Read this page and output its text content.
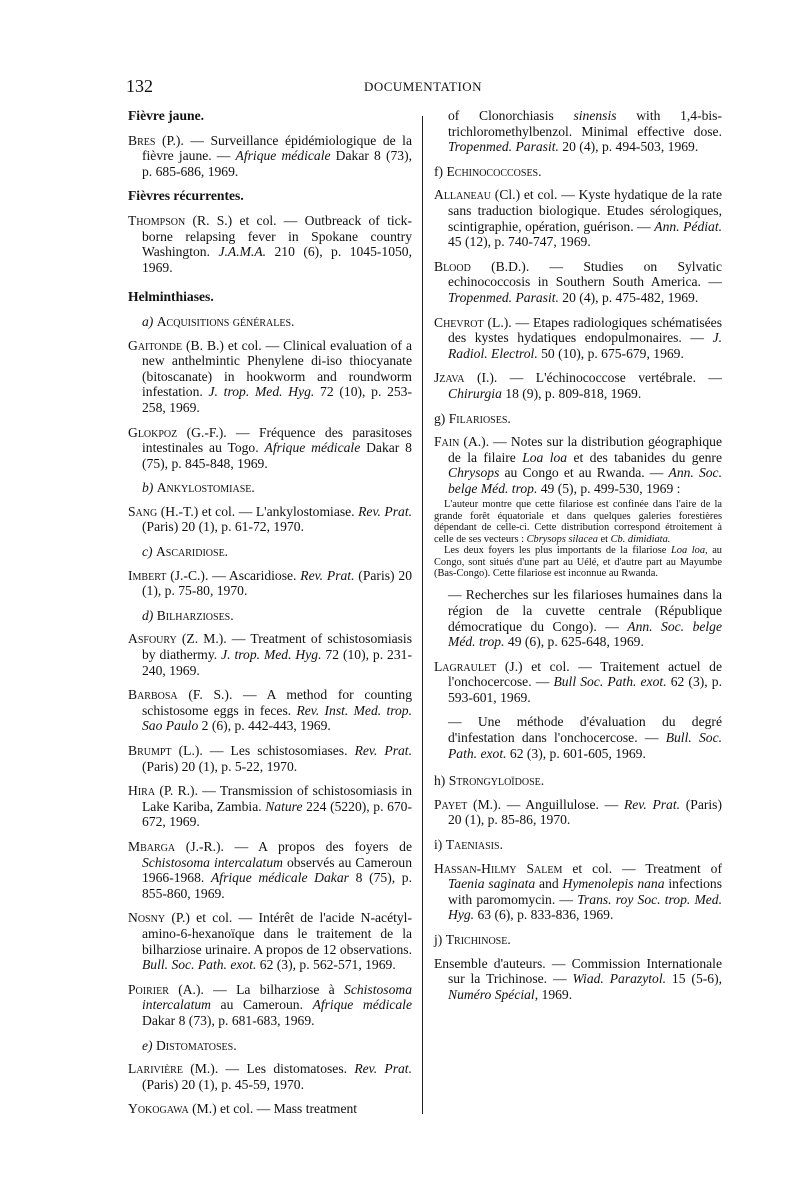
132	DOCUMENTATION
Fièvre jaune.
Bres (P.). — Surveillance épidémiologique de la fièvre jaune. — Afrique médicale Dakar 8 (73), p. 685-686, 1969.
Fièvres récurrentes.
Thompson (R. S.) et col. — Outbreack of tick-borne relapsing fever in Spokane country Washington. J.A.M.A. 210 (6), p. 1045-1050, 1969.
Helminthiases.
a) Acquisitions générales.
Gaitonde (B. B.) et col. — Clinical evaluation of a new anthelmintic Phenylene di-iso thiocyanate (bitoscanate) in hookworm and roundworm infestation. J. trop. Med. Hyg. 72 (10), p. 253-258, 1969.
Glokpoz (G.-F.). — Fréquence des parasitoses intestinales au Togo. Afrique médicale Dakar 8 (75), p. 845-848, 1969.
b) Ankylostomiase.
Sang (H.-T.) et col. — L'ankylostomiase. Rev. Prat. (Paris) 20 (1), p. 61-72, 1970.
c) Ascaridiose.
Imbert (J.-C.). — Ascaridiose. Rev. Prat. (Paris) 20 (1), p. 75-80, 1970.
d) Bilharzioses.
Asfoury (Z. M.). — Treatment of schistosomiasis by diathermy. J. trop. Med. Hyg. 72 (10), p. 231-240, 1969.
Barbosa (F. S.). — A method for counting schistosome eggs in feces. Rev. Inst. Med. trop. Sao Paulo 2 (6), p. 442-443, 1969.
Brumpt (L.). — Les schistosomiases. Rev. Prat. (Paris) 20 (1), p. 5-22, 1970.
Hira (P. R.). — Transmission of schistosomiasis in Lake Kariba, Zambia. Nature 224 (5220), p. 670-672, 1969.
Mbarga (J.-R.). — A propos des foyers de Schistosoma intercalatum observés au Cameroun 1966-1968. Afrique médicale Dakar 8 (75), p. 855-860, 1969.
Nosny (P.) et col. — Intérêt de l'acide N-acétyl-amino-6-hexanoïque dans le traitement de la bilharziose urinaire. A propos de 12 observations. Bull. Soc. Path. exot. 62 (3), p. 562-571, 1969.
Poirier (A.). — La bilharziose à Schistosoma intercalatum au Cameroun. Afrique médicale Dakar 8 (73), p. 681-683, 1969.
e) Distomatoses.
Larivière (M.). — Les distomatoses. Rev. Prat. (Paris) 20 (1), p. 45-59, 1970.
Yokogawa (M.) et col. — Mass treatment
of Clonorchiasis sinensis with 1,4-bis-trichloromethylbenzol. Minimal effective dose. Tropenmed. Parasit. 20 (4), p. 494-503, 1969.
f) Echinococcoses.
Allaneau (Cl.) et col. — Kyste hydatique de la rate sans traduction biologique. Etudes sérologiques, scintigraphie, opération, guérison. — Ann. Pédiat. 45 (12), p. 740-747, 1969.
Blood (B.D.). — Studies on Sylvatic echinococcosis in Southern South America. — Tropenmed. Parasit. 20 (4), p. 475-482, 1969.
Chevrot (L.). — Etapes radiologiques schématisées des kystes hydatiques endopulmonaires. — J. Radiol. Electrol. 50 (10), p. 675-679, 1969.
Jzava (I.). — L'échinococcose vertébrale. — Chirurgia 18 (9), p. 809-818, 1969.
g) Filarioses.
Fain (A.). — Notes sur la distribution géographique de la filaire Loa loa et des tabanides du genre Chrysops au Congo et au Rwanda. — Ann. Soc. belge Méd. trop. 49 (5), p. 499-530, 1969 :

L'auteur montre que cette filariose est confinée dans l'aire de la grande forêt équatoriale et dans quelques galeries forestières dépendant de celle-ci. Cette distribution correspond étroitement à celle de ses vecteurs : Cbrysops silacea et Cb. dimidiata.

Les deux foyers les plus importants de la filariose Loa loa, au Congo, sont situés d'une part au Uélé, et d'autre part au Mayumbe (Bas-Congo). Cette filariose est inconnue au Rwanda.

— Recherches sur les filarioses humaines dans la région de la cuvette centrale (République démocratique du Congo). — Ann. Soc. belge Méd. trop. 49 (6), p. 625-648, 1969.
Lagraulet (J.) et col. — Traitement actuel de l'onchocercose. — Bull Soc. Path. exot. 62 (3), p. 593-601, 1969.
— Une méthode d'évaluation du degré d'infestation dans l'onchocercose. — Bull. Soc. Path. exot. 62 (3), p. 601-605, 1969.
h) Strongyloïdose.
Payet (M.). — Anguillulose. — Rev. Prat. (Paris) 20 (1), p. 85-86, 1970.
i) Taeniasis.
Hassan-Hilmy Salem et col. — Treatment of Taenia saginata and Hymenolepis nana infections with paromomycin. — Trans. roy Soc. trop. Med. Hyg. 63 (6), p. 833-836, 1969.
j) Trichinose.
Ensemble d'auteurs. — Commission Internationale sur la Trichinose. — Wiad. Parazytol. 15 (5-6), Numéro Spécial, 1969.
